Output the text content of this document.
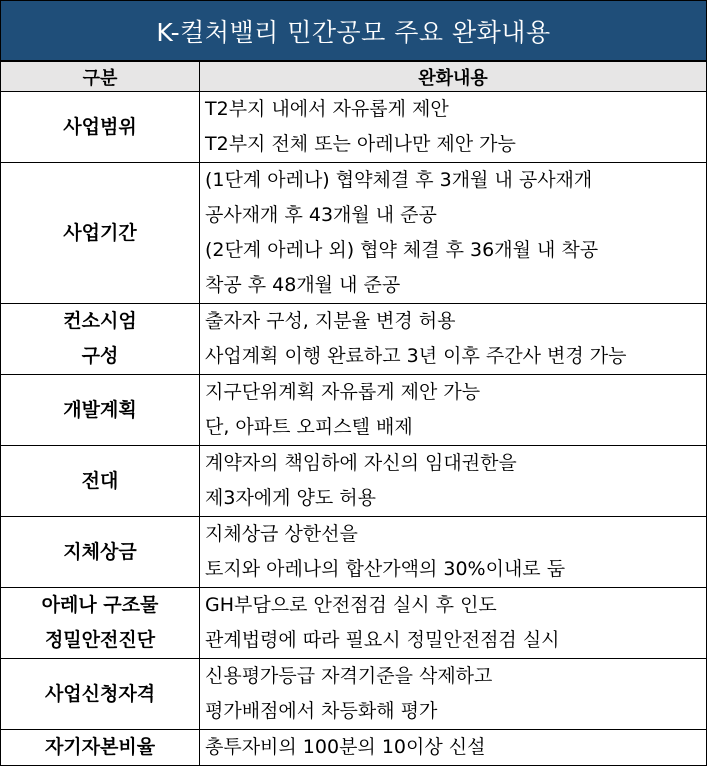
K-컬처밸리 민간공모 주요 완화내용
구분	완화내용

사업범위	T2부지 내에서 자유롭게 제안
T2부지 전체 또는 아레나만 제안 가능

사업기간	(1단계 아레나) 협약체결 후 3개월 내 공사재개
공사재개 후 43개월 내 준공
(2단계 아레나 외) 협약 체결 후 36개월 내 착공
착공 후 48개월 내 준공

컨소시엄
구성	출자자 구성, 지분율 변경 허용
사업계획 이행 완료하고 3년 이후 주간사 변경 가능

개발계획	지구단위계획 자유롭게 제안 가능
단, 아파트 오피스텔 배제

전대	계약자의 책임하에 자신의 임대권한을
제3자에게 양도 허용

지체상금	지체상금 상한선을
토지와 아레나의 합산가액의 30%이내로 둠

아레나 구조물
정밀안전진단	GH부담으로 안전점검 실시 후 인도
관계법령에 따라 필요시 정밀안전점검 실시

사업신청자격	신용평가등급 자격기준을 삭제하고
평가배점에서 차등화해 평가

자기자본비율	총투자비의 100분의 10이상 신설
